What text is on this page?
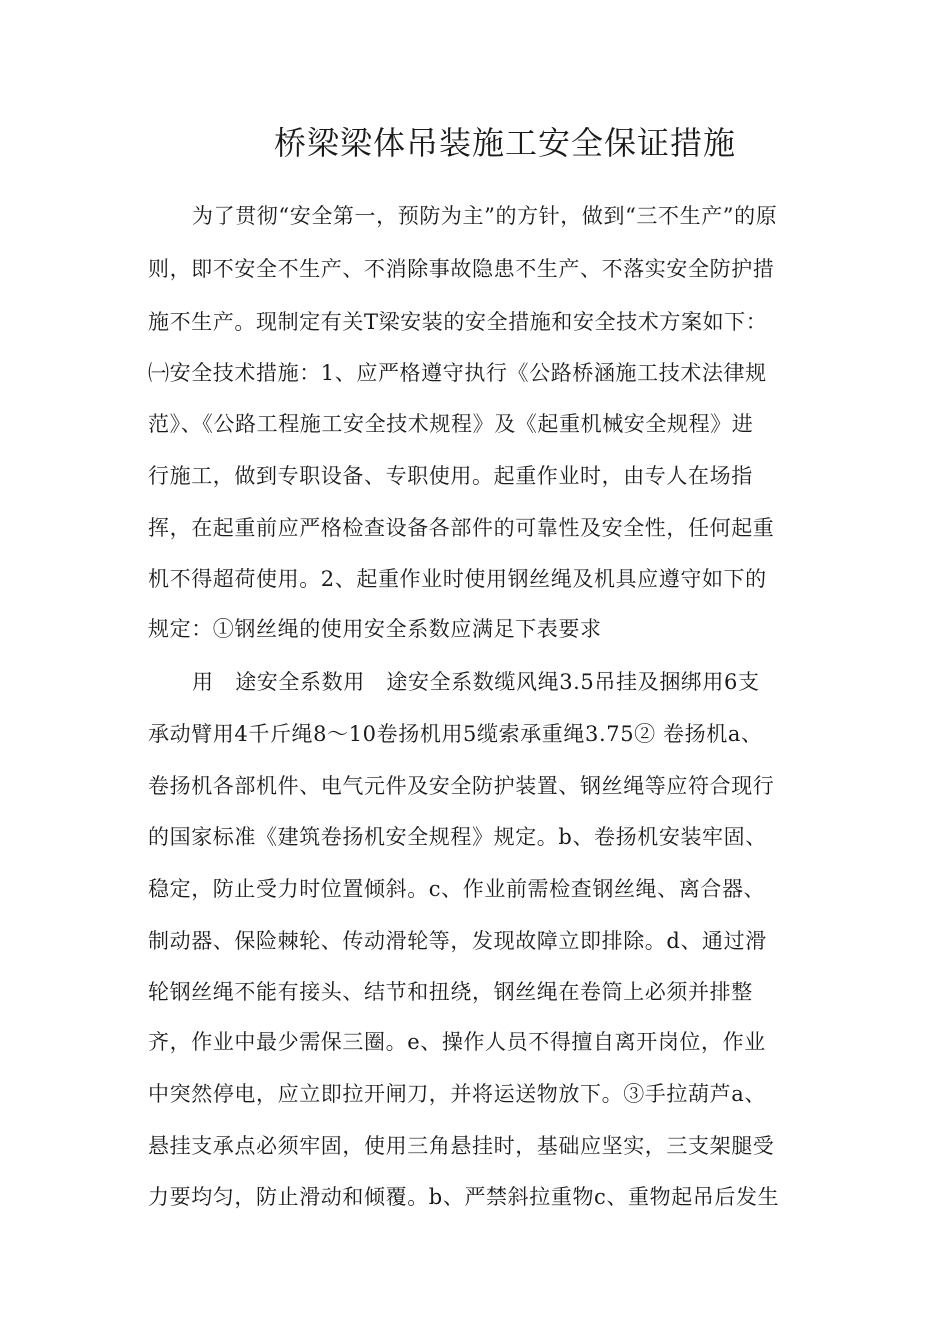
桥梁梁体吊装施工安全保证措施
为了贯彻“安全第一，预防为主”的方针，做到“三不生产”的原
则，即不安全不生产、不消除事故隐患不生产、不落实安全防护措
施不生产。现制定有关T梁安装的安全措施和安全技术方案如下：
㈠安全技术措施：1、应严格遵守执行《公路桥涵施工技术法律规
范》、《公路工程施工安全技术规程》及《起重机械安全规程》进
行施工，做到专职设备、专职使用。起重作业时，由专人在场指
挥，在起重前应严格检查设备各部件的可靠性及安全性，任何起重
机不得超荷使用。2、起重作业时使用钢丝绳及机具应遵守如下的
规定：①钢丝绳的使用安全系数应满足下表要求
用　途安全系数用　途安全系数缆风绳3.5吊挂及捆绑用6支
承动臂用4千斤绳8～10卷扬机用5缆索承重绳3.75② 卷扬机a、
卷扬机各部机件、电气元件及安全防护装置、钢丝绳等应符合现行
的国家标准《建筑卷扬机安全规程》规定。b、卷扬机安装牢固、
稳定，防止受力时位置倾斜。c、作业前需检查钢丝绳、离合器、
制动器、保险棘轮、传动滑轮等，发现故障立即排除。d、通过滑
轮钢丝绳不能有接头、结节和扭绕，钢丝绳在卷筒上必须并排整
齐，作业中最少需保三圈。e、操作人员不得擅自离开岗位，作业
中突然停电，应立即拉开闸刀，并将运送物放下。③手拉葫芦a、
悬挂支承点必须牢固，使用三角悬挂时，基础应坚实，三支架腿受
力要均匀，防止滑动和倾覆。b、严禁斜拉重物c、重物起吊后发生
